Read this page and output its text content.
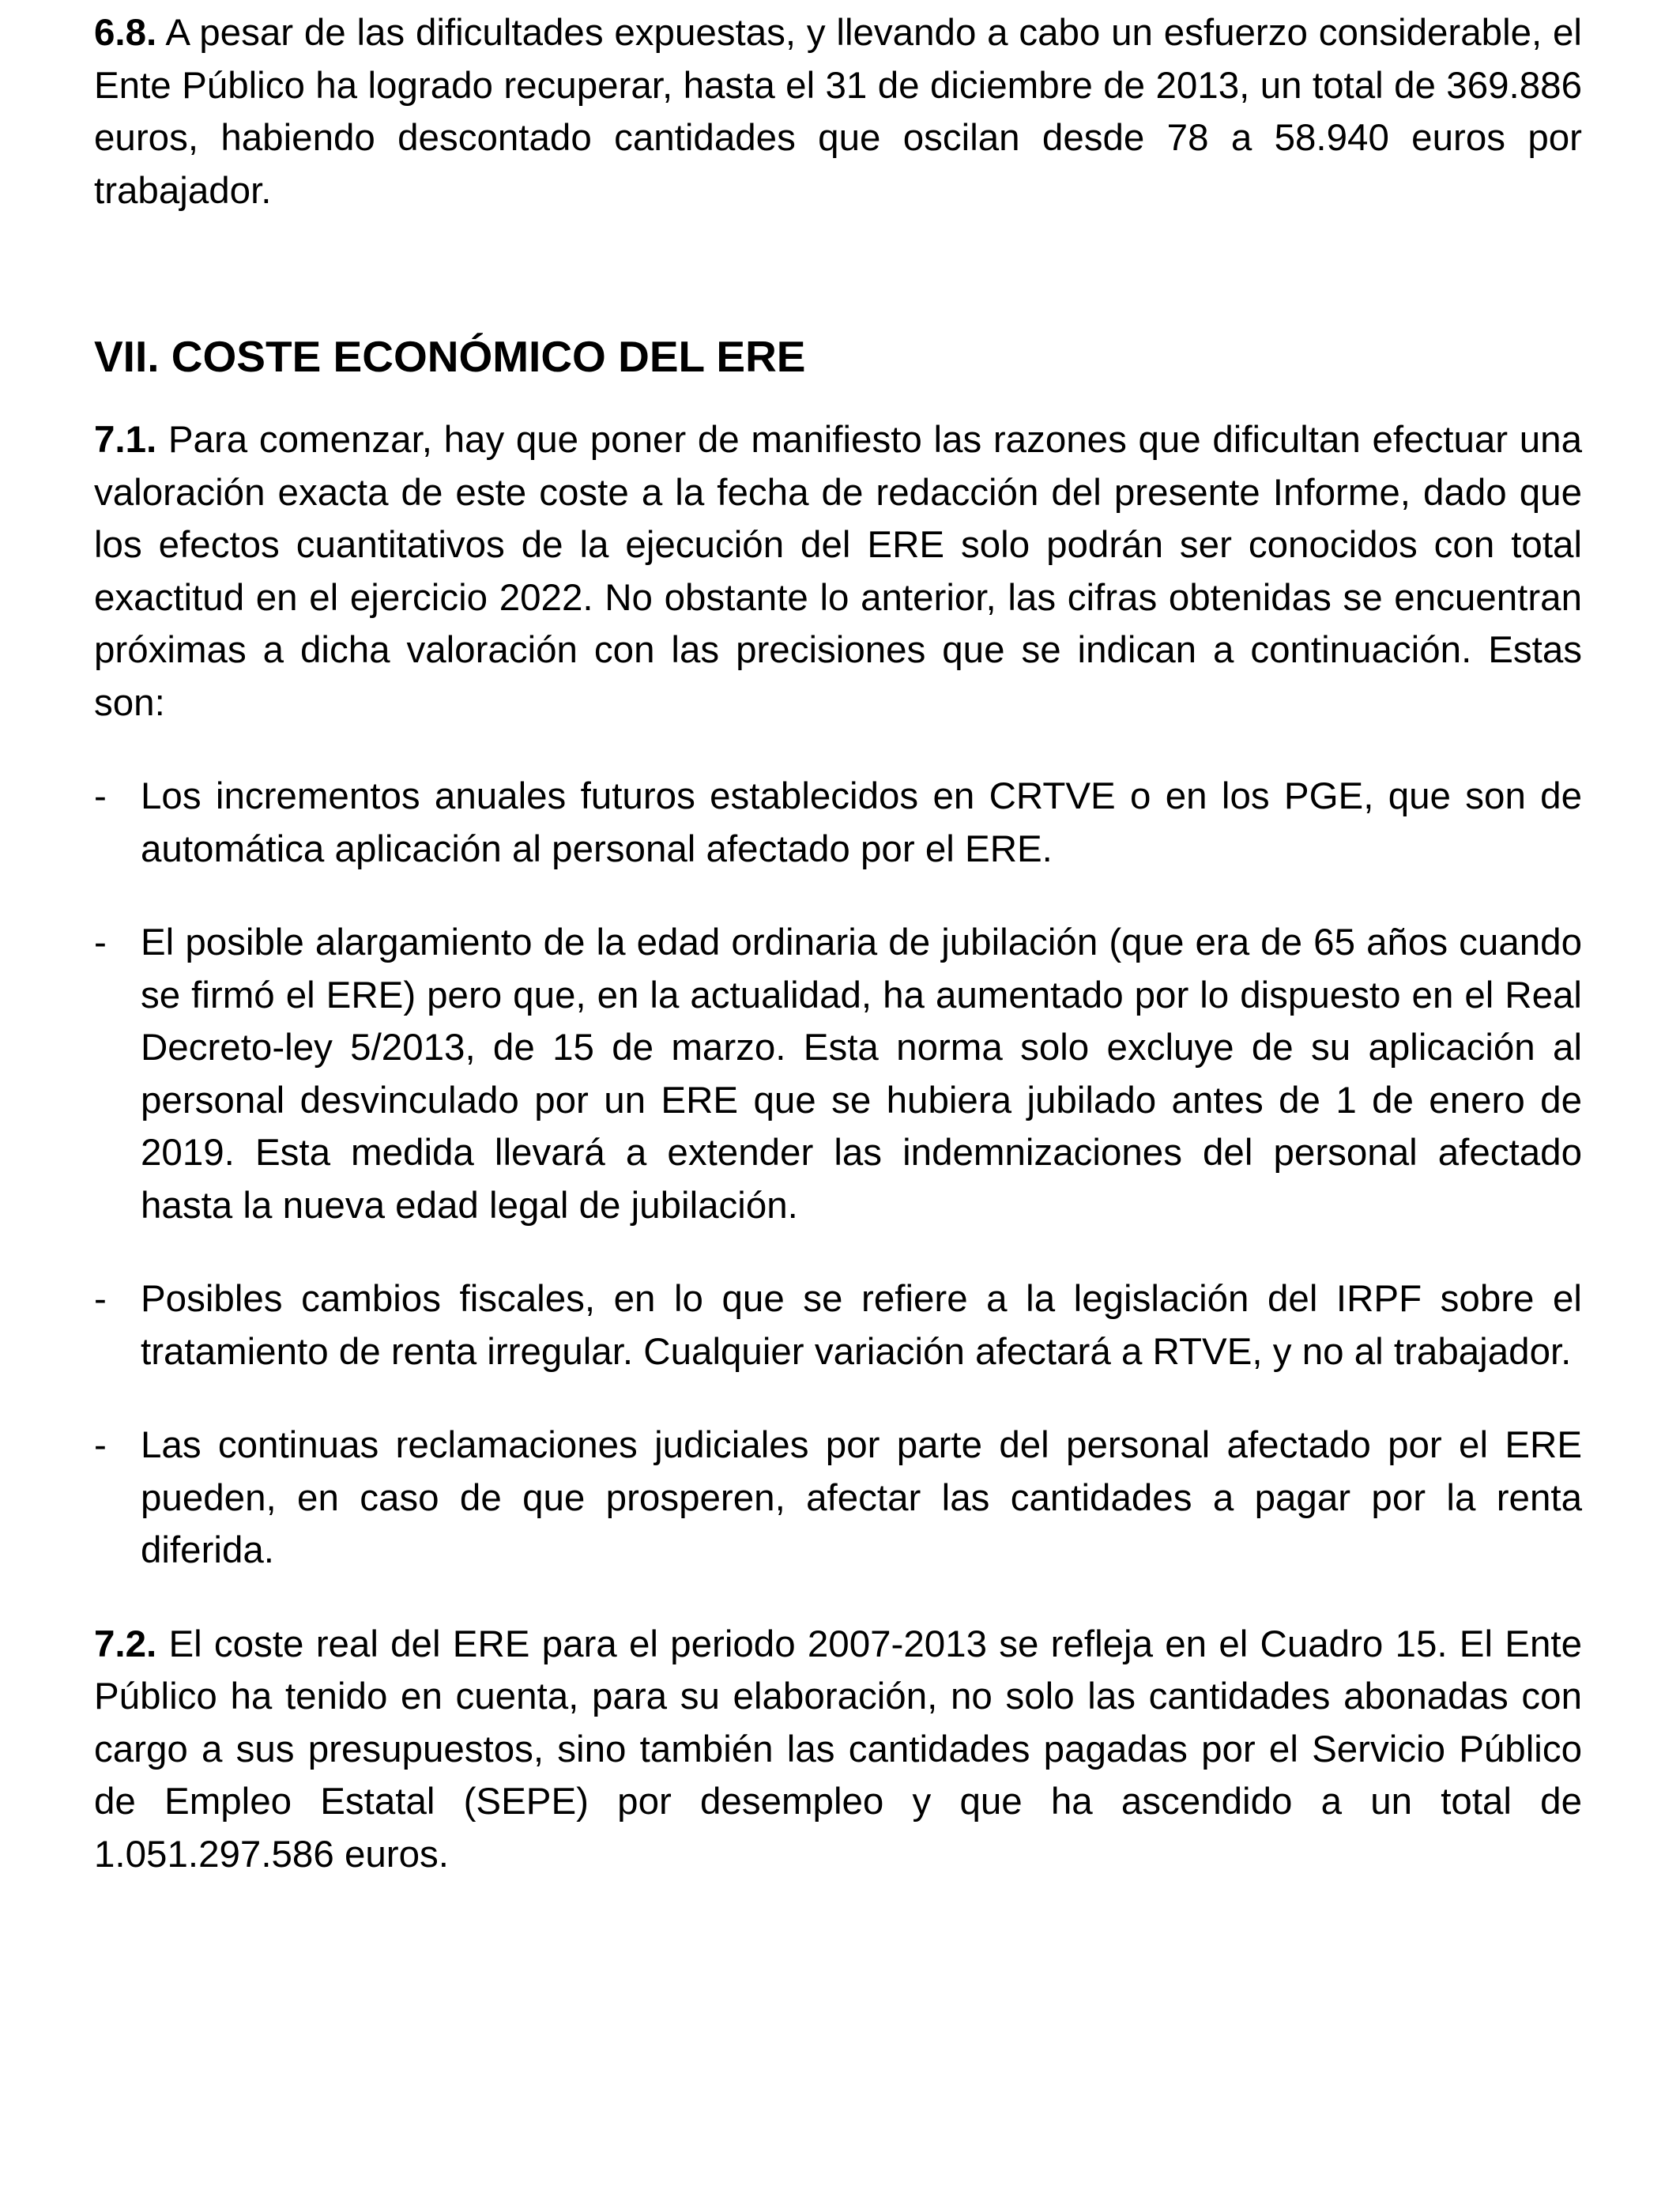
6.8. A pesar de las dificultades expuestas, y llevando a cabo un esfuerzo considerable, el Ente Público ha logrado recuperar, hasta el 31 de diciembre de 2013, un total de 369.886 euros, habiendo descontado cantidades que oscilan desde 78 a 58.940 euros por trabajador.

VII. COSTE ECONÓMICO DEL ERE

7.1. Para comenzar, hay que poner de manifiesto las razones que dificultan efectuar una valoración exacta de este coste a la fecha de redacción del presente Informe, dado que los efectos cuantitativos de la ejecución del ERE solo podrán ser conocidos con total exactitud en el ejercicio 2022. No obstante lo anterior, las cifras obtenidas se encuentran próximas a dicha valoración con las precisiones que se indican a continuación. Estas son:

- Los incrementos anuales futuros establecidos en CRTVE o en los PGE, que son de automática aplicación al personal afectado por el ERE.
- El posible alargamiento de la edad ordinaria de jubilación (que era de 65 años cuando se firmó el ERE) pero que, en la actualidad, ha aumentado por lo dispuesto en el Real Decreto-ley 5/2013, de 15 de marzo. Esta norma solo excluye de su aplicación al personal desvinculado por un ERE que se hubiera jubilado antes de 1 de enero de 2019. Esta medida llevará a extender las indemnizaciones del personal afectado hasta la nueva edad legal de jubilación.
- Posibles cambios fiscales, en lo que se refiere a la legislación del IRPF sobre el tratamiento de renta irregular. Cualquier variación afectará a RTVE, y no al trabajador.
- Las continuas reclamaciones judiciales por parte del personal afectado por el ERE pueden, en caso de que prosperen, afectar las cantidades a pagar por la renta diferida.

7.2. El coste real del ERE para el periodo 2007-2013 se refleja en el Cuadro 15. El Ente Público ha tenido en cuenta, para su elaboración, no solo las cantidades abonadas con cargo a sus presupuestos, sino también las cantidades pagadas por el Servicio Público de Empleo Estatal (SEPE) por desempleo y que ha ascendido a un total de 1.051.297.586 euros.
